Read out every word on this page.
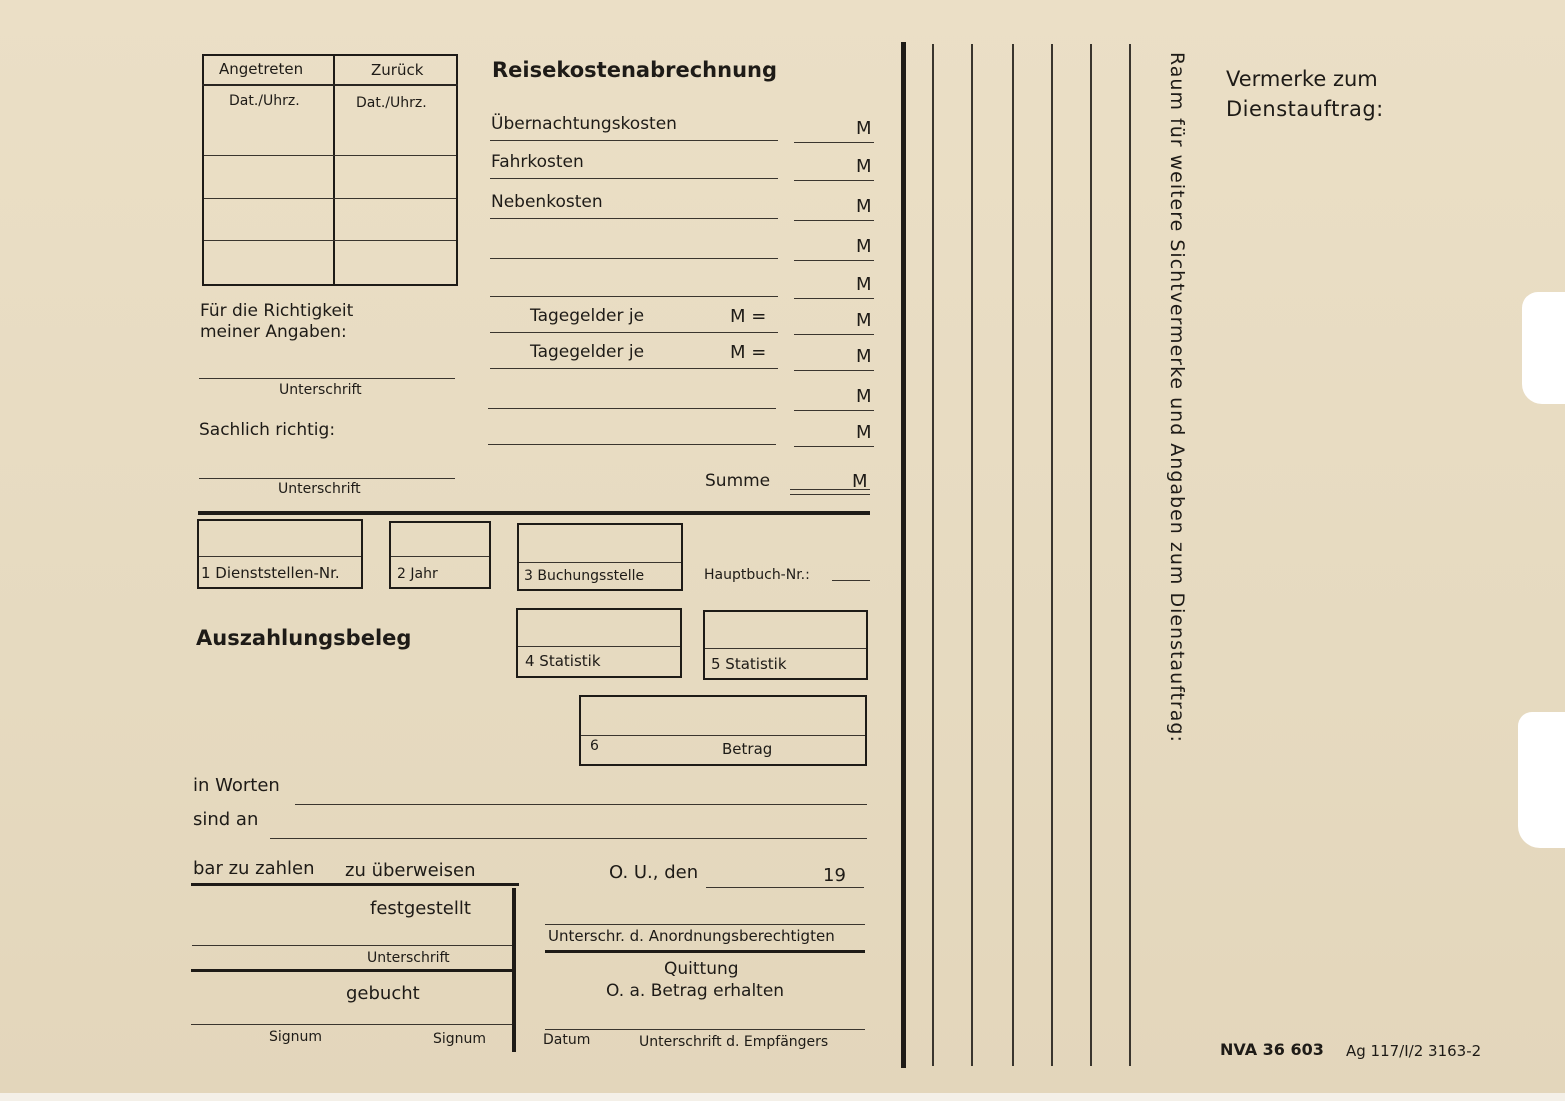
Angetreten	Zurück
Dat./Uhrz.	Dat./Uhrz.
Für die Richtigkeit
meiner Angaben:
Unterschrift
Sachlich richtig:
Unterschrift
Reisekostenabrechnung
Übernachtungskosten	M
Fahrkosten	M
Nebenkosten	M
M
M
Tagegelder je	M =	M
Tagegelder je	M =	M
M
M
Summe	M
1 Dienststellen-Nr.	2 Jahr	3 Buchungsstelle	Hauptbuch-Nr.:
Auszahlungsbeleg
4 Statistik	5 Statistik
6	Betrag
in Worten
sind an
bar zu zahlen zu überweisen
festgestellt
Unterschrift
gebucht
Signum	Signum
O. U., den	19
Unterschr. d. Anordnungsberechtigten
Quittung
O. a. Betrag erhalten
Datum	Unterschrift d. Empfängers
Raum für weitere Sichtvermerke und Angaben zum Dienstauftrag: Vermerke zum
Dienstauftrag:
NVA 36 603 Ag 117/I/2 3163-2
